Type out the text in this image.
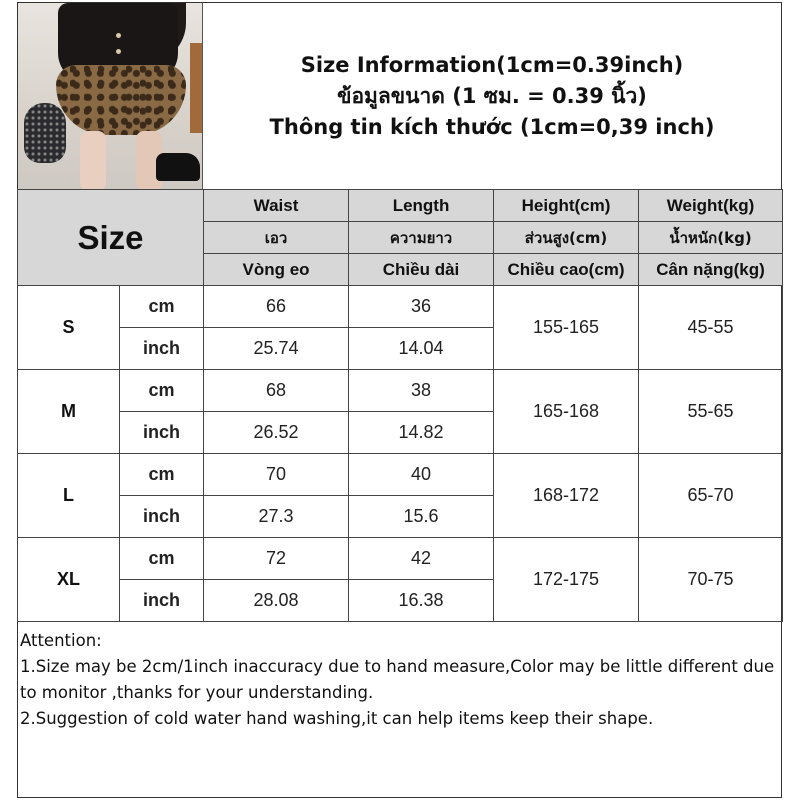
Size Information(1cm=0.39inch)
ข้อมูลขนาด (1 ซม. = 0.39 นิ้ว)
Thông tin kích thước (1cm=0,39 inch)
Size		Waist	Length	Height(cm)	Weight(kg)
		เอว	ความยาว	ส่วนสูง(cm)	น้ำหนัก(kg)
		Vòng eo	Chiều dài	Chiều cao(cm)	Cân nặng(kg)
S	cm	66	36	155-165	45-55
	inch	25.74	14.04		
M	cm	68	38	165-168	55-65
	inch	26.52	14.82		
L	cm	70	40	168-172	65-70
	inch	27.3	15.6		
XL	cm	72	42	172-175	70-75
	inch	28.08	16.38		
Attention:
1.Size may be 2cm/1inch inaccuracy due to hand measure,Color may be little different due to monitor ,thanks for your understanding.
2.Suggestion of cold water hand washing,it can help items keep their shape.
